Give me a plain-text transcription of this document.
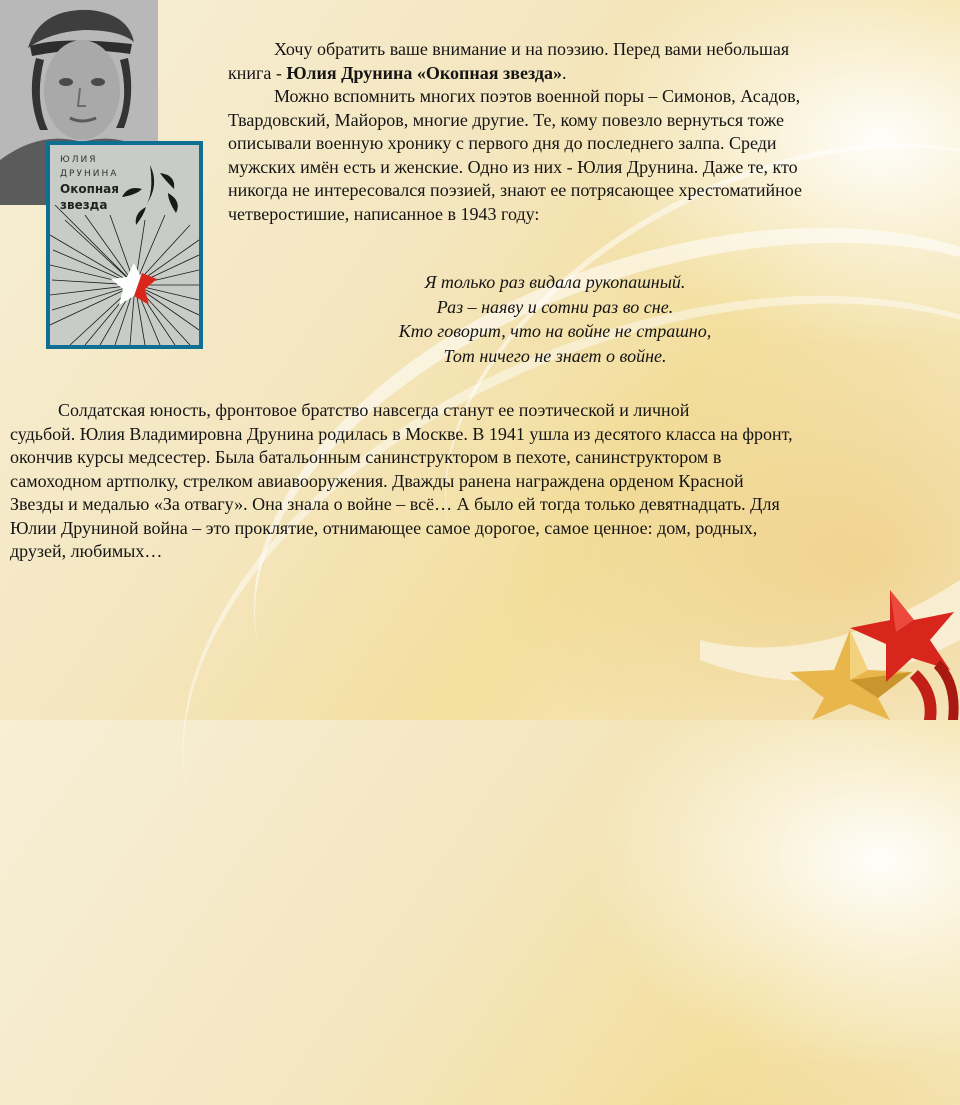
ЮЛИЯ
ДРУНИНА
Окопная
звезда
Хочу обратить ваше внимание и на поэзию. Перед вами небольшая
книга - Юлия Друнина «Окопная звезда».
Можно вспомнить многих поэтов военной поры – Симонов, Асадов,
Твардовский, Майоров, многие другие. Те, кому повезло вернуться тоже
описывали военную хронику с первого дня до последнего залпа. Среди
мужских имён есть и женские. Одно из них - Юлия Друнина. Даже те, кто
никогда не интересовался поэзией, знают ее потрясающее хрестоматийное
четверостишие, написанное в 1943 году:
Я только раз видала рукопашный.
Раз – наяву и сотни раз во сне.
Кто говорит, что на войне не страшно,
Тот ничего не знает о войне.
Солдатская юность, фронтовое братство навсегда станут ее поэтической и личной
судьбой. Юлия Владимировна Друнина родилась в Москве. В 1941 ушла из десятого класса на фронт,
окончив курсы медсестер. Была батальонным санинструктором в пехоте, санинструктором в
самоходном артполку, стрелком авиавооружения. Дважды ранена награждена орденом Красной
Звезды и медалью «За отвагу». Она знала о войне – всё… А было ей тогда только девятнадцать. Для
Юлии Друниной война – это проклятие, отнимающее самое дорогое, самое ценное: дом, родных,
друзей, любимых…
